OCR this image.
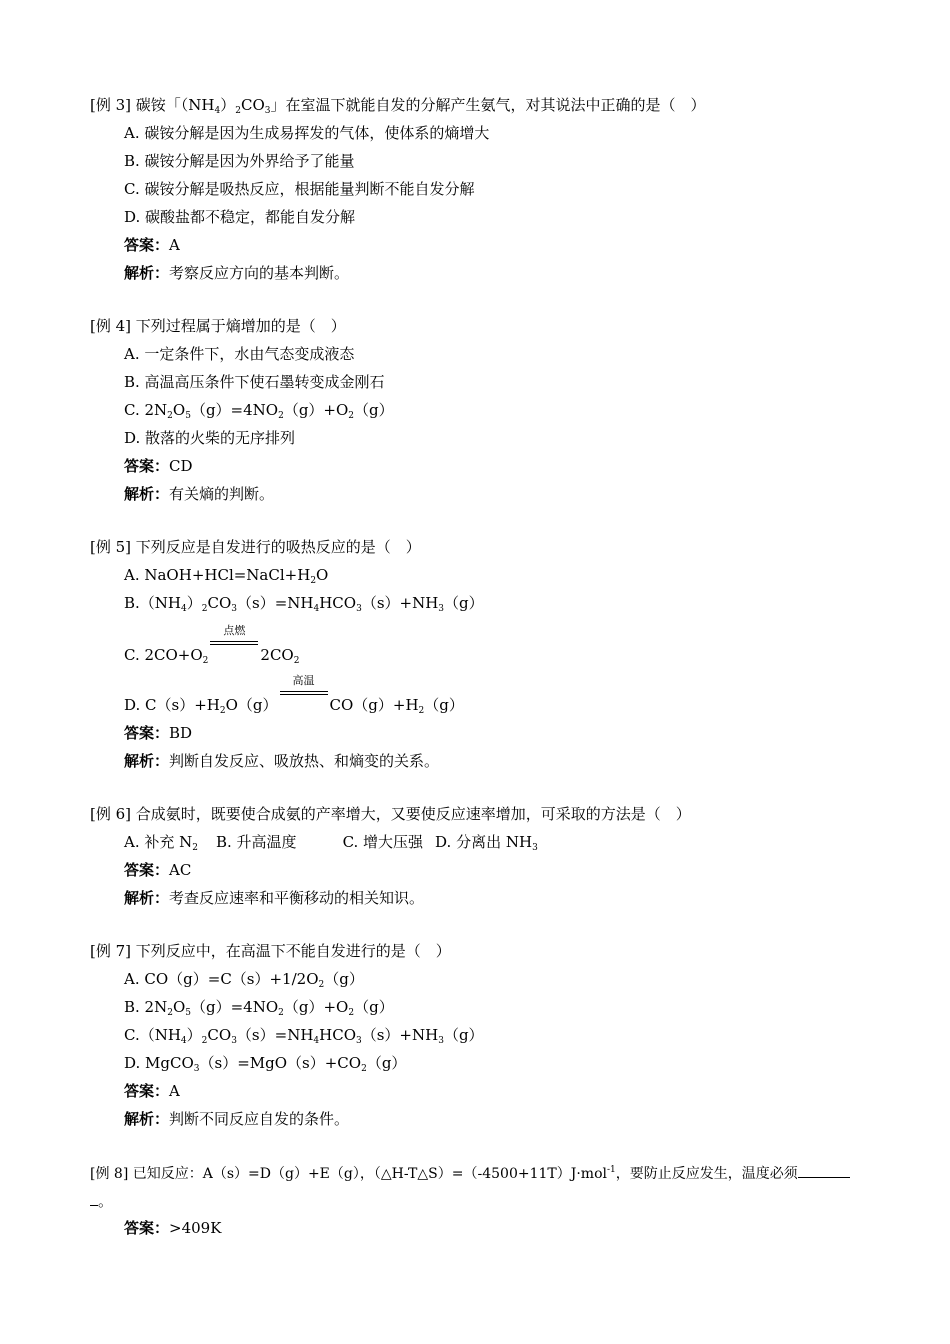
[例 3] 碳铵「$(NH_4)_2CO_3$」在室温下就能自发的分解产生氨气，对其说法中正确的是（　）
A. 碳铵分解是因为生成易挥发的气体，使体系的熵增大
B. 碳铵分解是因为外界给予了能量
C. 碳铵分解是吸热反应，根据能量判断不能自发分解
D. 碳酸盐都不稳定，都能自发分解
答案：A
解析：考察反应方向的基本判断。
[例 4] 下列过程属于熵增加的是（　）
A. 一定条件下，水由气态变成液态
B. 高温高压条件下使石墨转变成金刚石
C. $2N_2O_5(g)=4NO_2(g)+O_2(g)$
D. 散落的火柴的无序排列
答案：CD
解析：有关熵的判断。
[例 5] 下列反应是自发进行的吸热反应的是（　）
A. $NaOH+HCl=NaCl+H_2O$
$B.(NH_4)_2CO_3(s)=NH_4HCO_3(s)+NH_3(g)$
C. $2CO+O_2$
点燃
$2CO_2$
D. $C(s)+H_2O(g)$
高温
$CO(g)+H_2(g)$
答案：BD
解析：判断自发反应、吸放热、和熵变的关系。
[例 6] 合成氨时，既要使合成氨的产率增大，又要使反应速率增加，可采取的方法是（　）
A. 补充 $N_2$ B. 升高温度	C. 增大压强 D. 分离出 $NH_3$
答案：AC
解析：考查反应速率和平衡移动的相关知识。
[例 7] 下列反应中，在高温下不能自发进行的是（　）
A. $CO(g)=C(s)+1/2O_2(g)$
B. $2N_2O_5(g)=4NO_2(g)+O_2(g)$
$C.(NH_4)_2CO_3(s)=NH_4HCO_3(s)+NH_3(g)$
D. $MgCO_3(s)=MgO(s)+CO_2(g)$
答案：A
解析：判断不同反应自发的条件。
[例 8] 已知反应：A（s）=D（g）+E（g），（△H-T△S）=（-4500+11T）J·mol$^{-1}$，要防止反应发生，温度必须
。
答案：>409K
